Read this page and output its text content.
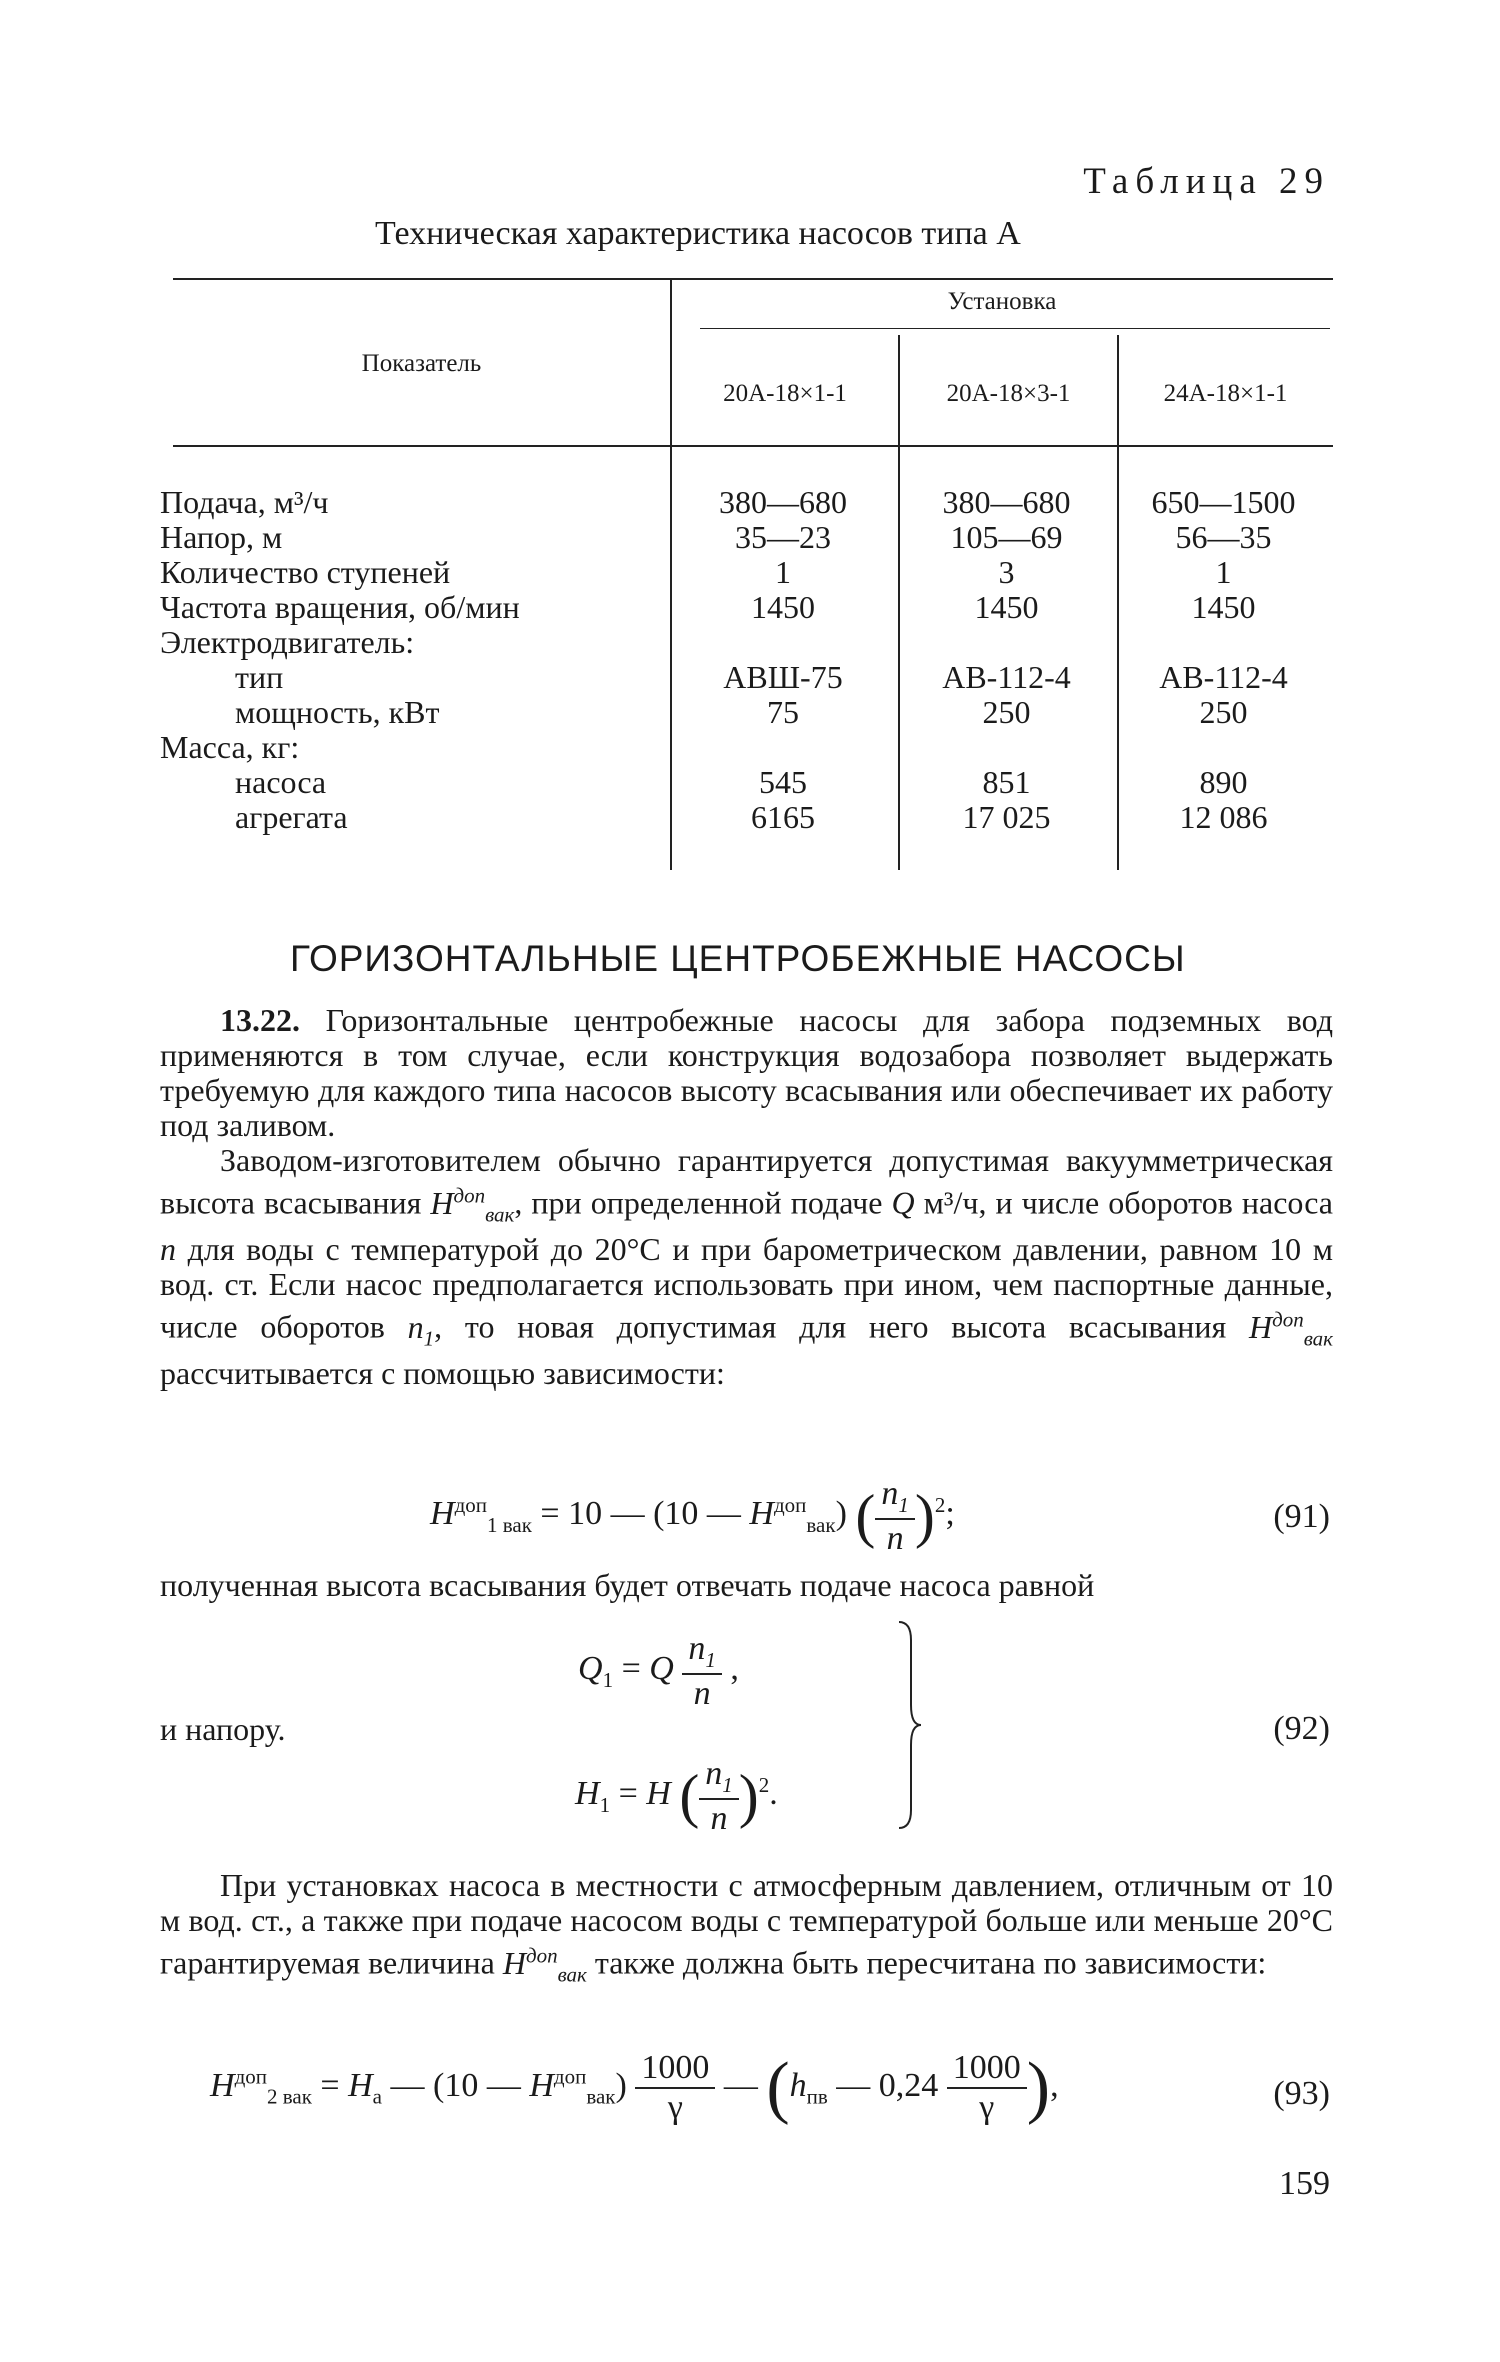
Таблица 29
Техническая характеристика насосов типа А
Показатель
Установка
20А-18×1-1	20А-18×3-1	24А-18×1-1
Подача, м³/ч	380—680	380—680	650—1500
Напор, м	35—23	105—69	56—35
Количество ступеней	1	3	1
Частота вращения, об/мин	1450	1450	1450
Электродвигатель:
тип	АВШ-75	АВ-112-4	АВ-112-4
мощность, кВт	75	250	250
Масса, кг:
насоса	545	851	890
агрегата	6165	17 025	12 086
ГОРИЗОНТАЛЬНЫЕ ЦЕНТРОБЕЖНЫЕ НАСОСЫ
13.22. Горизонтальные центробежные насосы для забора подземных вод применяются в том случае, если конструкция водозабора позволяет выдержать требуемую для каждого типа насосов высоту всасывания или обеспечивает их работу под заливом.
Заводом-изготовителем обычно гарантируется допустимая вакуумметрическая высота всасывания $H^{доп}_{вак}$, при определенной подаче Q м³/ч, и числе оборотов насоса n для воды с температурой до 20°C и при барометрическом давлении, равном 10 м вод. ст. Если насос предполагается использовать при ином, чем паспортные данные, числе оборотов $n_1$, то новая допустимая для него высота всасывания $H^{доп}_{вак}$ рассчитывается с помощью зависимости:
$H^{доп}_{1 вак} = 10$ — (10 — $H^{доп}_{вак}$) ( $\frac{n_1}{n} )^2$;	(91)
полученная высота всасывания будет отвечать подаче насоса равной
$Q_1 = Q \frac{n_1}{n}$ ,
$H_1 = H$ ( $\frac{n_1}{n} )^2$.
и напору.	(92)
При установках насоса в местности с атмосферным давлением, отличным от 10 м вод. ст., а также при подаче насосом воды с температурой больше или меньше 20°C гарантируемая величина $H^{доп}_{вак}$ также должна быть пересчитана по зависимости:
$H^{доп}_{2 вак} = H_а$ — (10 — $H^{доп}_{вак}) \frac{1000}{\gamma}$ — ($h_{пв}$ — $0,24 \frac{1000}{\gamma}$ ),	(93)
159
